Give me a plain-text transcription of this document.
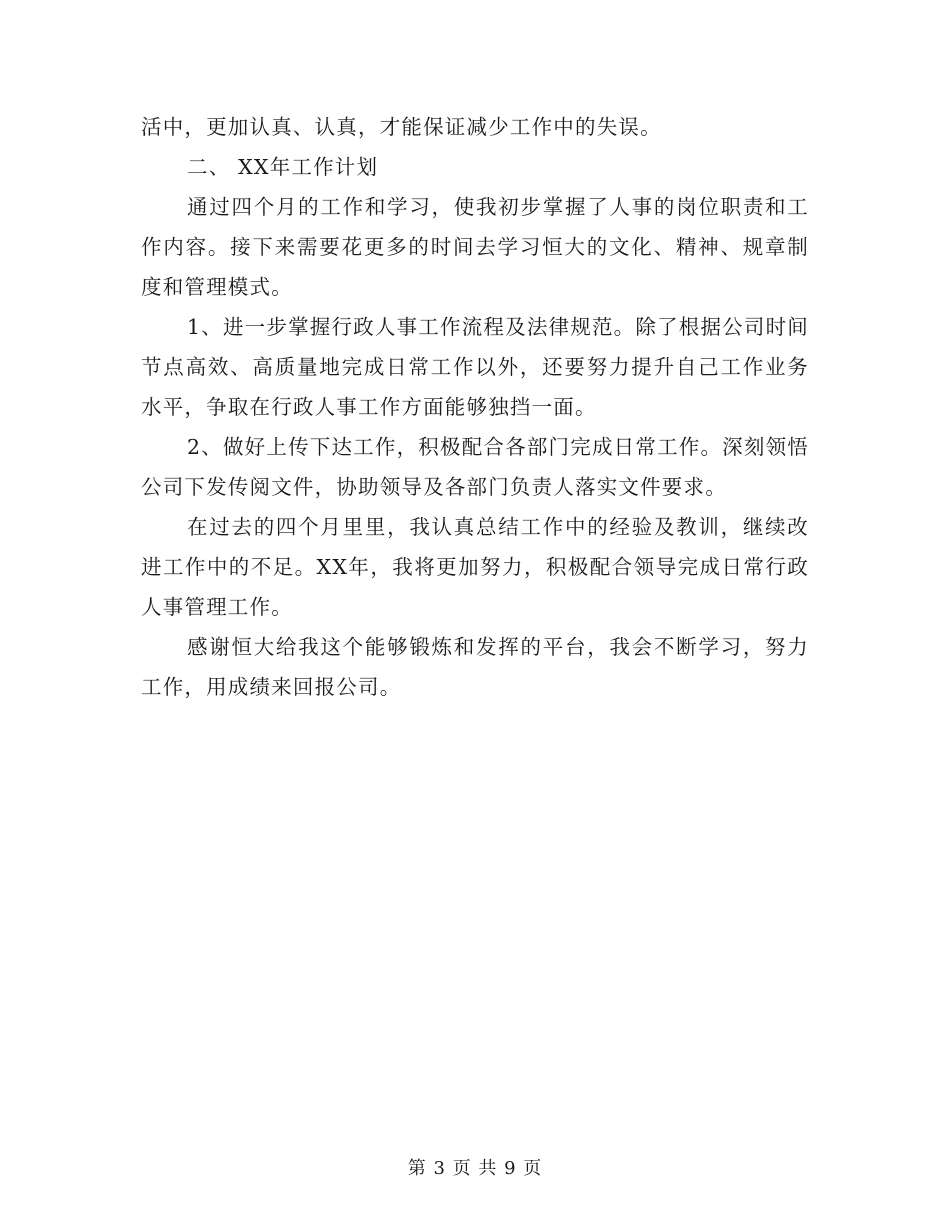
活中，更加认真、认真，才能保证减少工作中的失误。

二、 XX年工作计划

通过四个月的工作和学习，使我初步掌握了人事的岗位职责和工作内容。接下来需要花更多的时间去学习恒大的文化、精神、规章制度和管理模式。

1、进一步掌握行政人事工作流程及法律规范。除了根据公司时间节点高效、高质量地完成日常工作以外，还要努力提升自己工作业务水平，争取在行政人事工作方面能够独挡一面。

2、做好上传下达工作，积极配合各部门完成日常工作。深刻领悟公司下发传阅文件，协助领导及各部门负责人落实文件要求。

在过去的四个月里里，我认真总结工作中的经验及教训，继续改进工作中的不足。XX年，我将更加努力，积极配合领导完成日常行政人事管理工作。

感谢恒大给我这个能够锻炼和发挥的平台，我会不断学习，努力工作，用成绩来回报公司。

第 3 页 共 9 页
